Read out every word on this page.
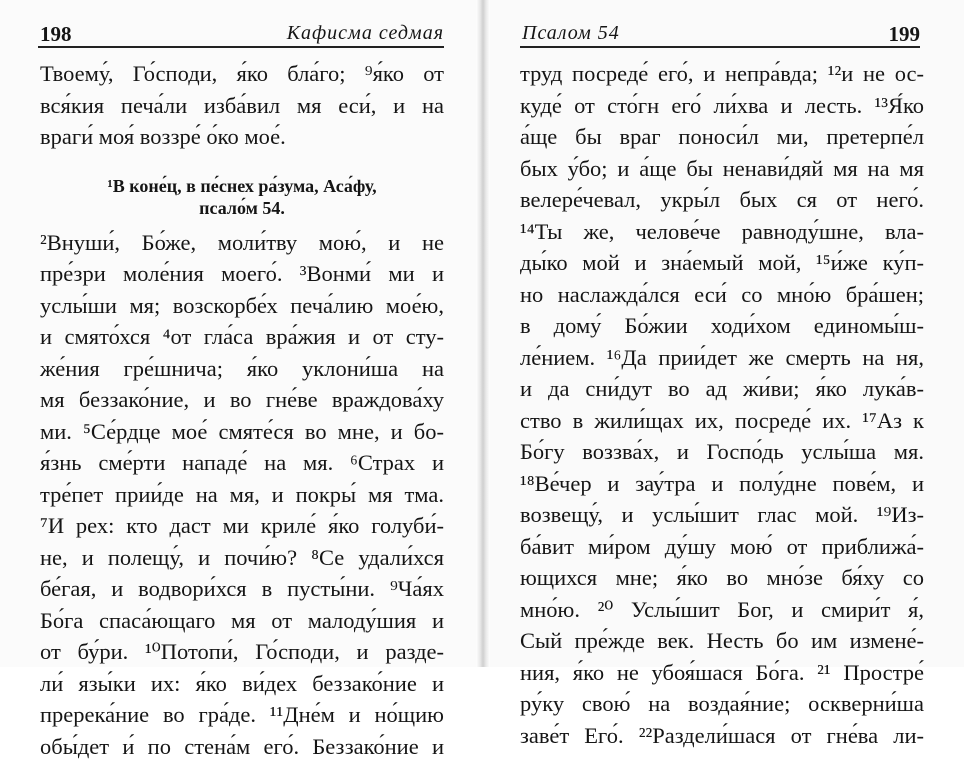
198	Кафисма седмая
Твоему́, Го́споди, я́ко бла́го; ⁹я́ко от
вся́кия печа́ли изба́вил мя еси́, и на
враги́ моя́ воззре́ о́ко мое́.
¹В коне́ц, в пе́снех ра́зума, Аса́фу,
псало́м 54.
²Внуши́, Бо́же, моли́тву мою́, и не
пре́зри моле́ния моего́. ³Вонми́ ми и
услы́ши мя; возскорбе́х печа́лию мое́ю,
и смято́хся ⁴от гла́са вра́жия и от сту-
же́ния гре́шнича; я́ко уклони́ша на
мя беззако́ние, и во гне́ве враждова́ху
ми. ⁵Се́рдце мое́ смяте́ся во мне, и бо-
я́знь сме́рти нападе́ на мя. ⁶Страх и
тре́пет прии́де на мя, и покры́ мя тма.
⁷И рех: кто даст ми криле́ я́ко голуби́-
не, и полещу́, и почи́ю? ⁸Се удали́хся
бе́гая, и водвори́хся в пусты́ни. ⁹Ча́ях
Бо́га спаса́ющаго мя от малоду́шия и
от бу́ри. ¹⁰Потопи́, Го́споди, и разде-
ли́ язы́ки их: я́ко ви́дех беззако́ние и
пререка́ние во гра́де. ¹¹Дне́м и но́щию
обы́дет и́ по стена́м его́. Беззако́ние и
Псалом 54	199
труд посреде́ его́, и непра́вда; ¹²и не ос-
куде́ от сто́гн его́ ли́хва и лесть. ¹³Я́ко
а́ще бы враг поноси́л ми, претерпе́л
бых у́бо; и а́ще бы ненави́дяй мя на мя
велере́чевал, укры́л бых ся от него́.
¹⁴Ты же, челове́че равноду́шне, вла-
ды́ко мой и зна́емый мой, ¹⁵и́же ку́п-
но наслажда́лся еси́ со мно́ю бра́шен;
в дому́ Бо́жии ходи́хом единомы́ш-
ле́нием. ¹⁶Да прии́дет же смерть на ня,
и да сни́дут во ад жи́ви; я́ко лука́в-
ство в жили́щах их, посреде́ их. ¹⁷Аз к
Бо́гу воззва́х, и Госпо́дь услы́ша мя.
¹⁸Ве́чер и зау́тра и полу́дне пове́м, и
возвещу́, и услы́шит глас мой. ¹⁹Из-
ба́вит ми́ром ду́шу мою́ от приближа́-
ющихся мне; я́ко во мно́зе бя́ху со
мно́ю. ²⁰ Услы́шит Бог, и смири́т я́,
Сый пре́жде век. Несть бо им измене́-
ния, я́ко не убоя́шася Бо́га. ²¹ Простре́
ру́ку свою́ на воздая́ние; оскверни́ша
заве́т Его́. ²²Раздели́шася от гне́ва ли-
